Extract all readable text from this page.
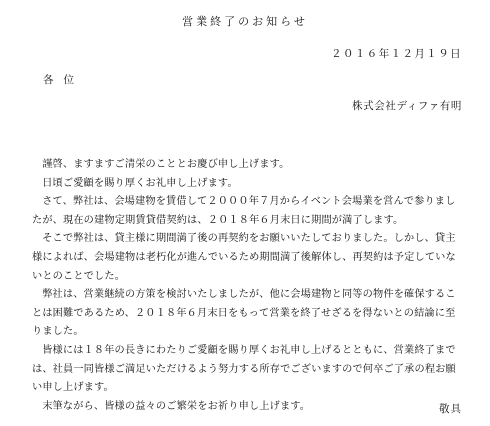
営業終了のお知らせ
２０１６年１２月１９日
各位
株式会社ディファ有明

謹啓、ますますご清栄のこととお慶び申し上げます。

日頃ご愛顧を賜り厚くお礼申し上げます。

さて、弊社は、会場建物を賃借して２０００年７月からイベント会場業を営んで参りましたが、現在の建物定期賃貸借契約は、２０１８年６月末日に期間が満了します。

そこで弊社は、貸主様に期間満了後の再契約をお願いいたしておりました。しかし、貸主様によれば、会場建物は老朽化が進んでいるため期間満了後解体し、再契約は予定していないとのことでした。

弊社は、営業継続の方策を検討いたしましたが、他に会場建物と同等の物件を確保することは困難であるため、２０１８年６月末日をもって営業を終了せざるを得ないとの結論に至りました。

皆様には１８年の長きにわたりご愛顧を賜り厚くお礼申し上げるとともに、営業終了までは、社員一同皆様ご満足いただけるよう努力する所存でございますので何卒ご了承の程お願い申し上げます。

末筆ながら、皆様の益々のご繁栄をお祈り申し上げます。	敬具
